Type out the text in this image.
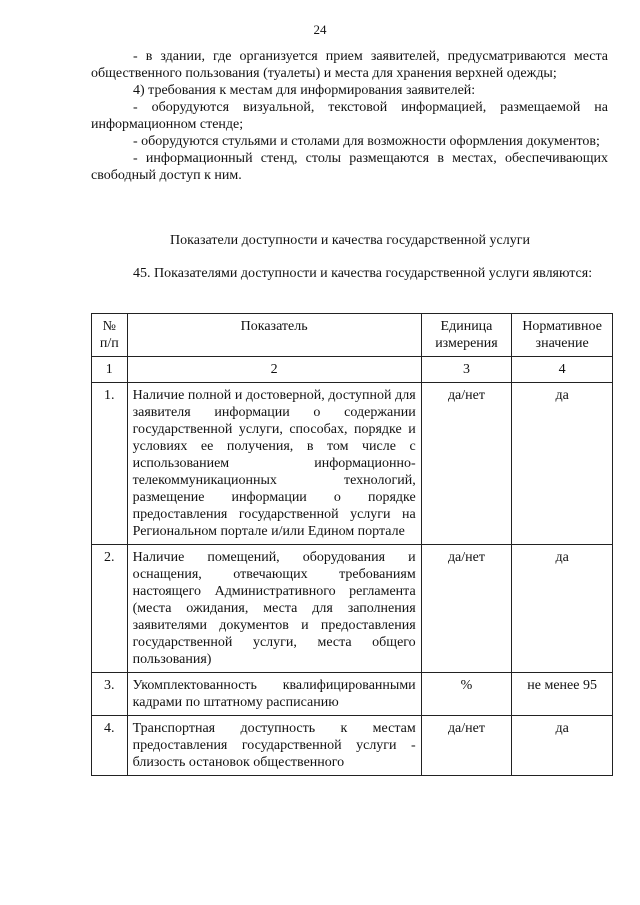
24

- в здании, где организуется прием заявителей, предусматриваются места общественного пользования (туалеты) и места для хранения верхней одежды;

4) требования к местам для информирования заявителей:

- оборудуются визуальной, текстовой информацией, размещаемой на информационном стенде;

- оборудуются стульями и столами для возможности оформления документов;

- информационный стенд, столы размещаются в местах, обеспечивающих свободный доступ к ним.

Показатели доступности и качества государственной услуги

45. Показателями доступности и качества государственной услуги являются:

№ п/п	Показатель	Единица измерения	Нормативное значение
1	2	3	4
1.	Наличие полной и достоверной, доступной для заявителя информации о содержании государственной услуги, способах, порядке и условиях ее получения, в том числе с использованием информационно-телекоммуникационных технологий, размещение информации о порядке предоставления государственной услуги на Региональном портале и/или Едином портале	да/нет	да
2.	Наличие помещений, оборудования и оснащения, отвечающих требованиям настоящего Административного регламента (места ожидания, места для заполнения заявителями документов и предоставления государственной услуги, места общего пользования)	да/нет	да
3.	Укомплектованность квалифицированными кадрами по штатному расписанию	%	не менее 95
4.	Транспортная доступность к местам предоставления государственной услуги - близость остановок общественного	да/нет	да
